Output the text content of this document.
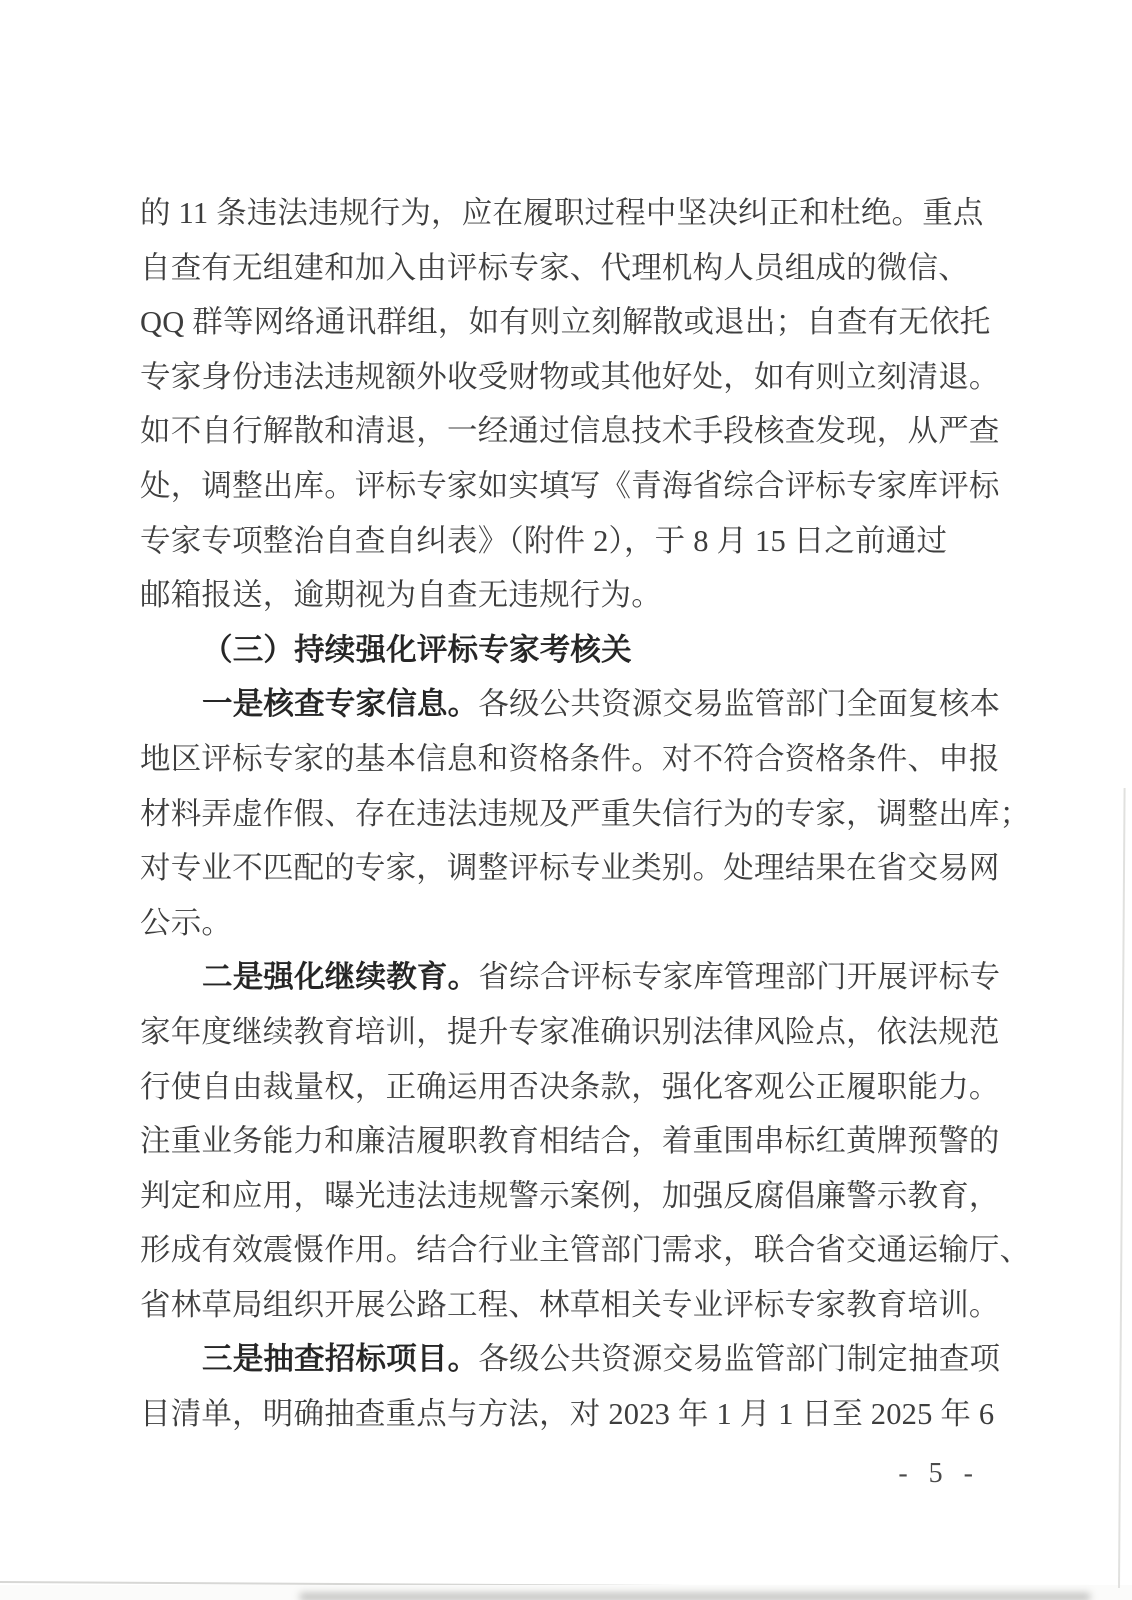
的 11 条违法违规行为，应在履职过程中坚决纠正和杜绝。重点
自查有无组建和加入由评标专家、代理机构人员组成的微信、
QQ 群等网络通讯群组，如有则立刻解散或退出；自查有无依托
专家身份违法违规额外收受财物或其他好处，如有则立刻清退。
如不自行解散和清退，一经通过信息技术手段核查发现，从严查
处，调整出库。评标专家如实填写《青海省综合评标专家库评标
专家专项整治自查自纠表》（附件 2），于 8 月 15 日之前通过
邮箱报送，逾期视为自查无违规行为。
（三）持续强化评标专家考核关
一是核查专家信息。各级公共资源交易监管部门全面复核本
地区评标专家的基本信息和资格条件。对不符合资格条件、申报
材料弄虚作假、存在违法违规及严重失信行为的专家，调整出库；
对专业不匹配的专家，调整评标专业类别。处理结果在省交易网
公示。
二是强化继续教育。省综合评标专家库管理部门开展评标专
家年度继续教育培训，提升专家准确识别法律风险点，依法规范
行使自由裁量权，正确运用否决条款，强化客观公正履职能力。
注重业务能力和廉洁履职教育相结合，着重围串标红黄牌预警的
判定和应用，曝光违法违规警示案例，加强反腐倡廉警示教育，
形成有效震慑作用。结合行业主管部门需求，联合省交通运输厅、
省林草局组织开展公路工程、林草相关专业评标专家教育培训。
三是抽查招标项目。各级公共资源交易监管部门制定抽查项
目清单，明确抽查重点与方法，对 2023 年 1 月 1 日至 2025 年 6
- 5 -
